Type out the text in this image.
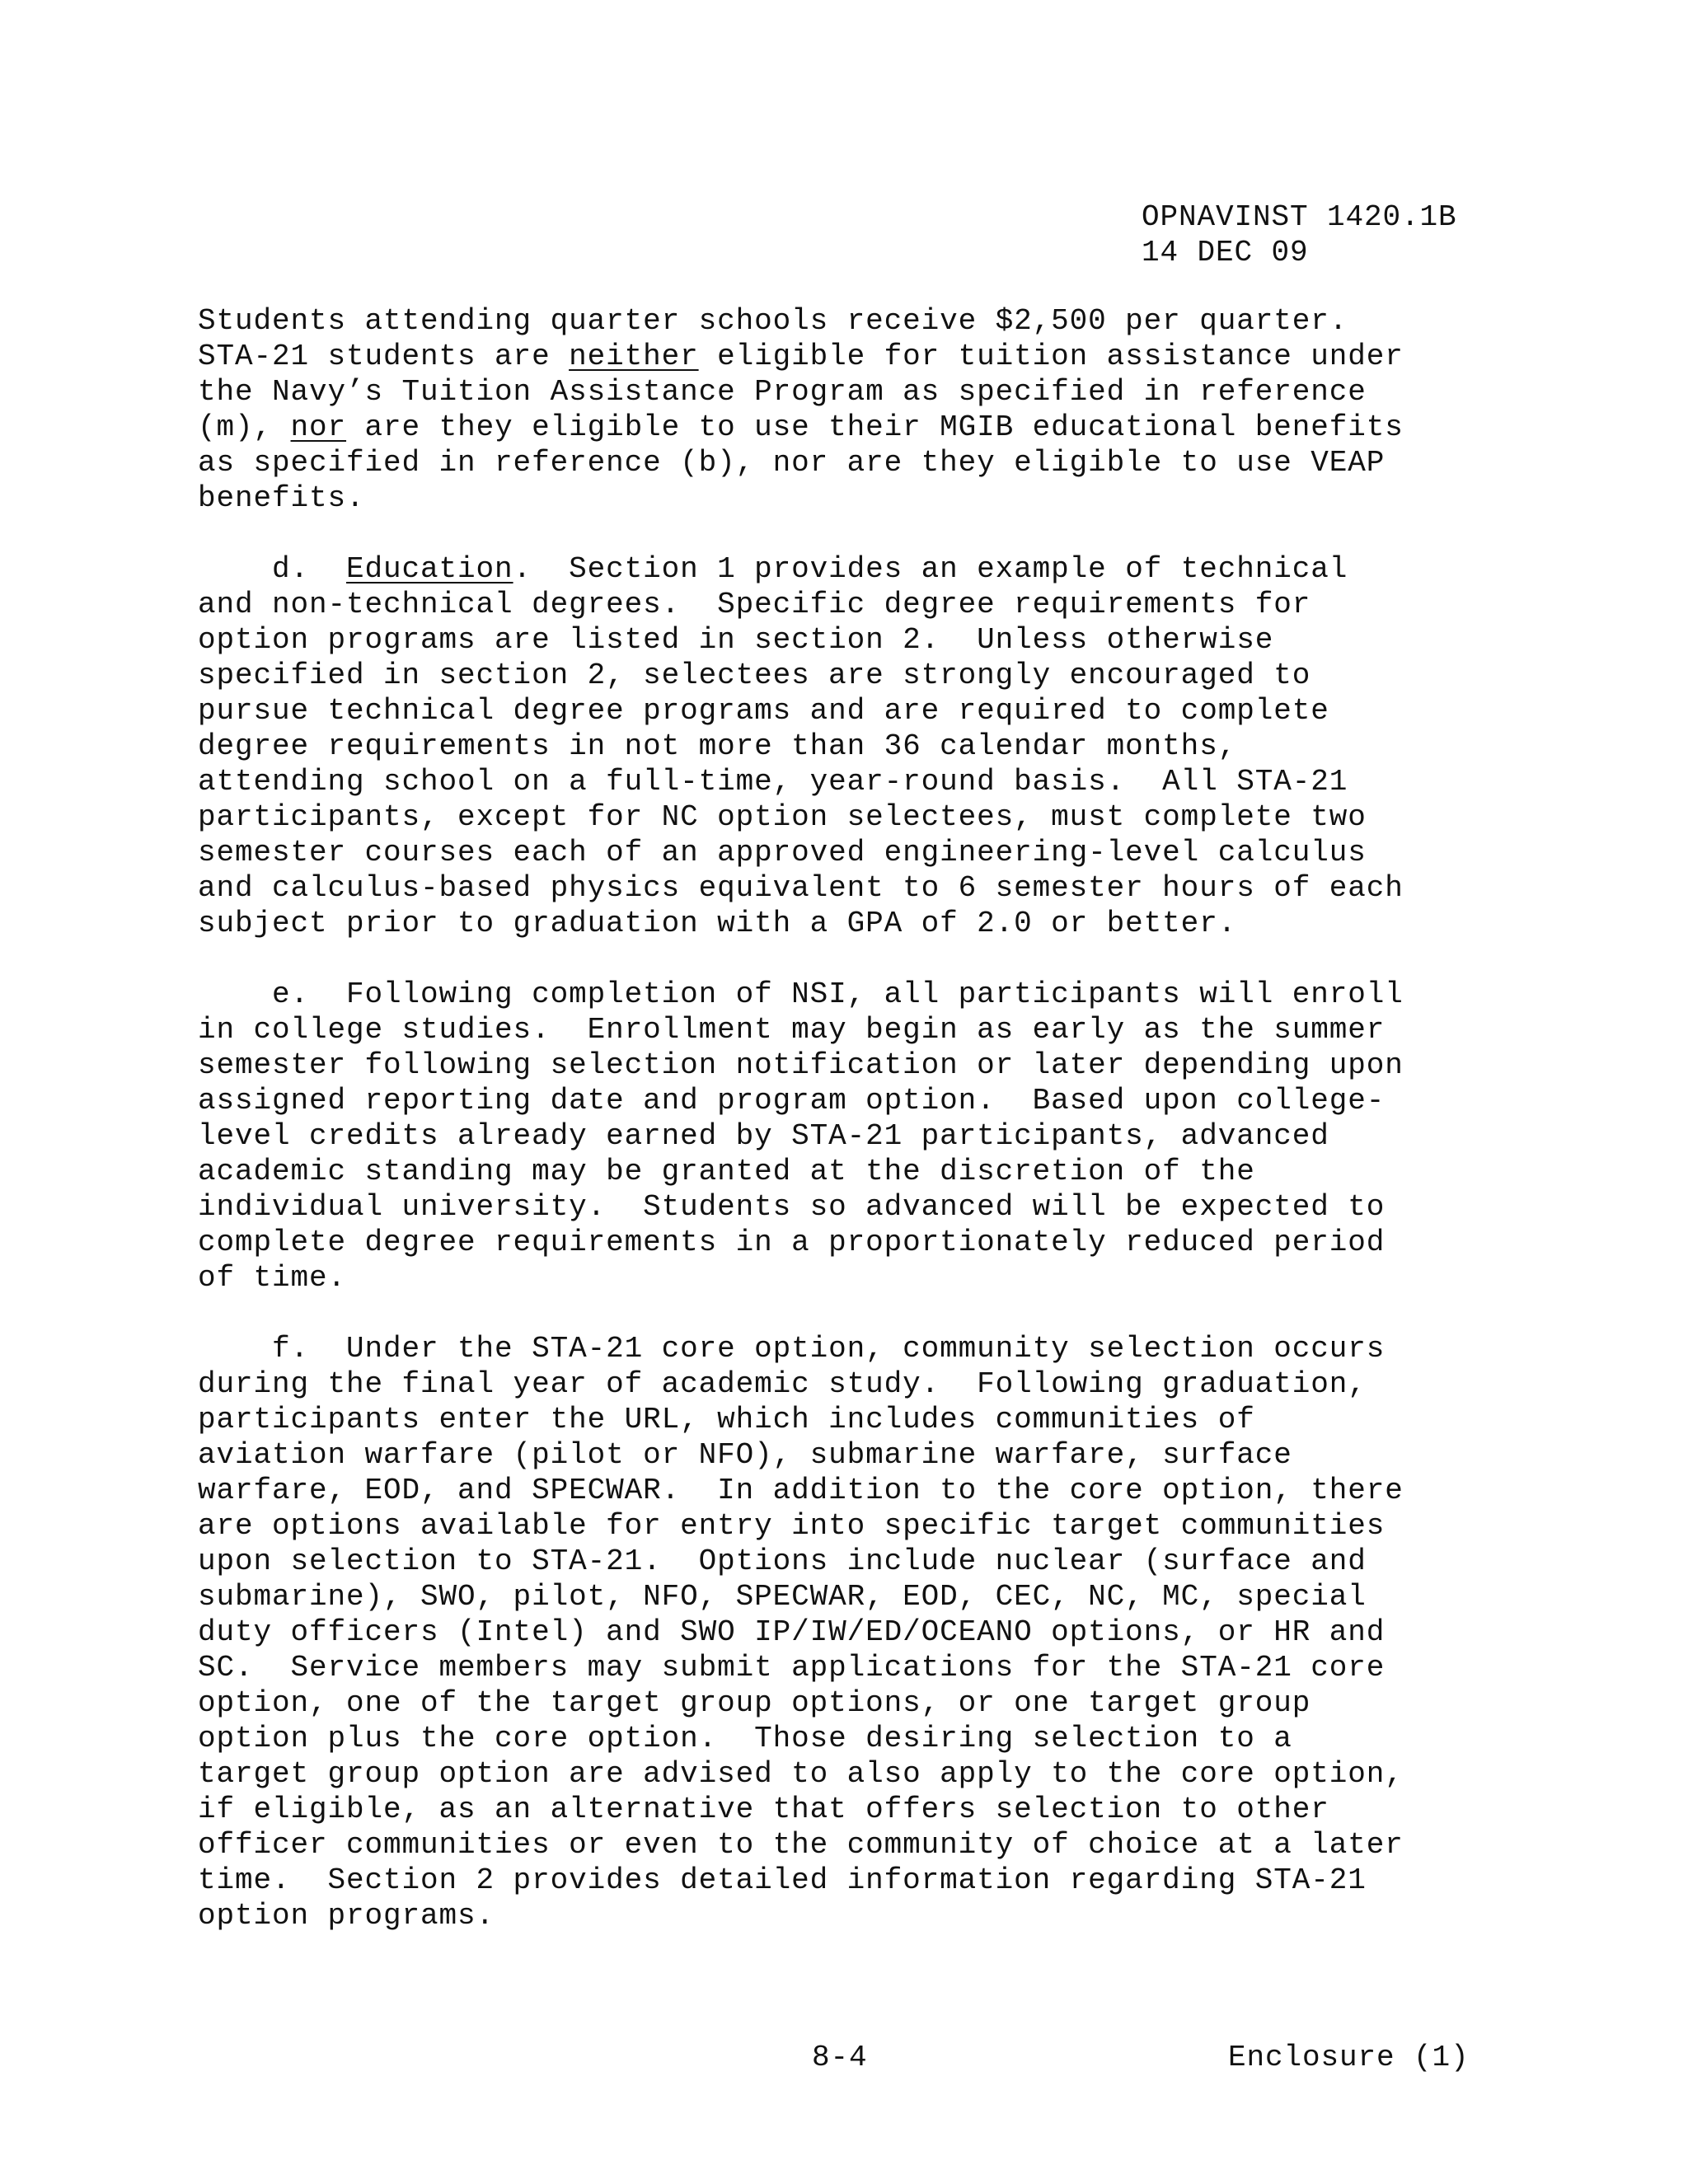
OPNAVINST 1420.1B

14 DEC 09

Students attending quarter schools receive $2,500 per quarter.

STA-21 students are neither eligible for tuition assistance under

the Navy’s Tuition Assistance Program as specified in reference

(m), nor are they eligible to use their MGIB educational benefits

as specified in reference (b), nor are they eligible to use VEAP

benefits.

d.  Education.  Section 1 provides an example of technical

and non-technical degrees.  Specific degree requirements for

option programs are listed in section 2.  Unless otherwise

specified in section 2, selectees are strongly encouraged to

pursue technical degree programs and are required to complete

degree requirements in not more than 36 calendar months,

attending school on a full-time, year-round basis.  All STA-21

participants, except for NC option selectees, must complete two

semester courses each of an approved engineering-level calculus

and calculus-based physics equivalent to 6 semester hours of each

subject prior to graduation with a GPA of 2.0 or better.

e.  Following completion of NSI, all participants will enroll

in college studies.  Enrollment may begin as early as the summer

semester following selection notification or later depending upon

assigned reporting date and program option.  Based upon college-

level credits already earned by STA-21 participants, advanced

academic standing may be granted at the discretion of the

individual university.  Students so advanced will be expected to

complete degree requirements in a proportionately reduced period

of time.

f.  Under the STA-21 core option, community selection occurs

during the final year of academic study.  Following graduation,

participants enter the URL, which includes communities of

aviation warfare (pilot or NFO), submarine warfare, surface

warfare, EOD, and SPECWAR.  In addition to the core option, there

are options available for entry into specific target communities

upon selection to STA-21.  Options include nuclear (surface and

submarine), SWO, pilot, NFO, SPECWAR, EOD, CEC, NC, MC, special

duty officers (Intel) and SWO IP/IW/ED/OCEANO options, or HR and

SC.  Service members may submit applications for the STA-21 core

option, one of the target group options, or one target group

option plus the core option.  Those desiring selection to a

target group option are advised to also apply to the core option,

if eligible, as an alternative that offers selection to other

officer communities or even to the community of choice at a later

time.  Section 2 provides detailed information regarding STA-21

option programs.

8-4	Enclosure (1)
